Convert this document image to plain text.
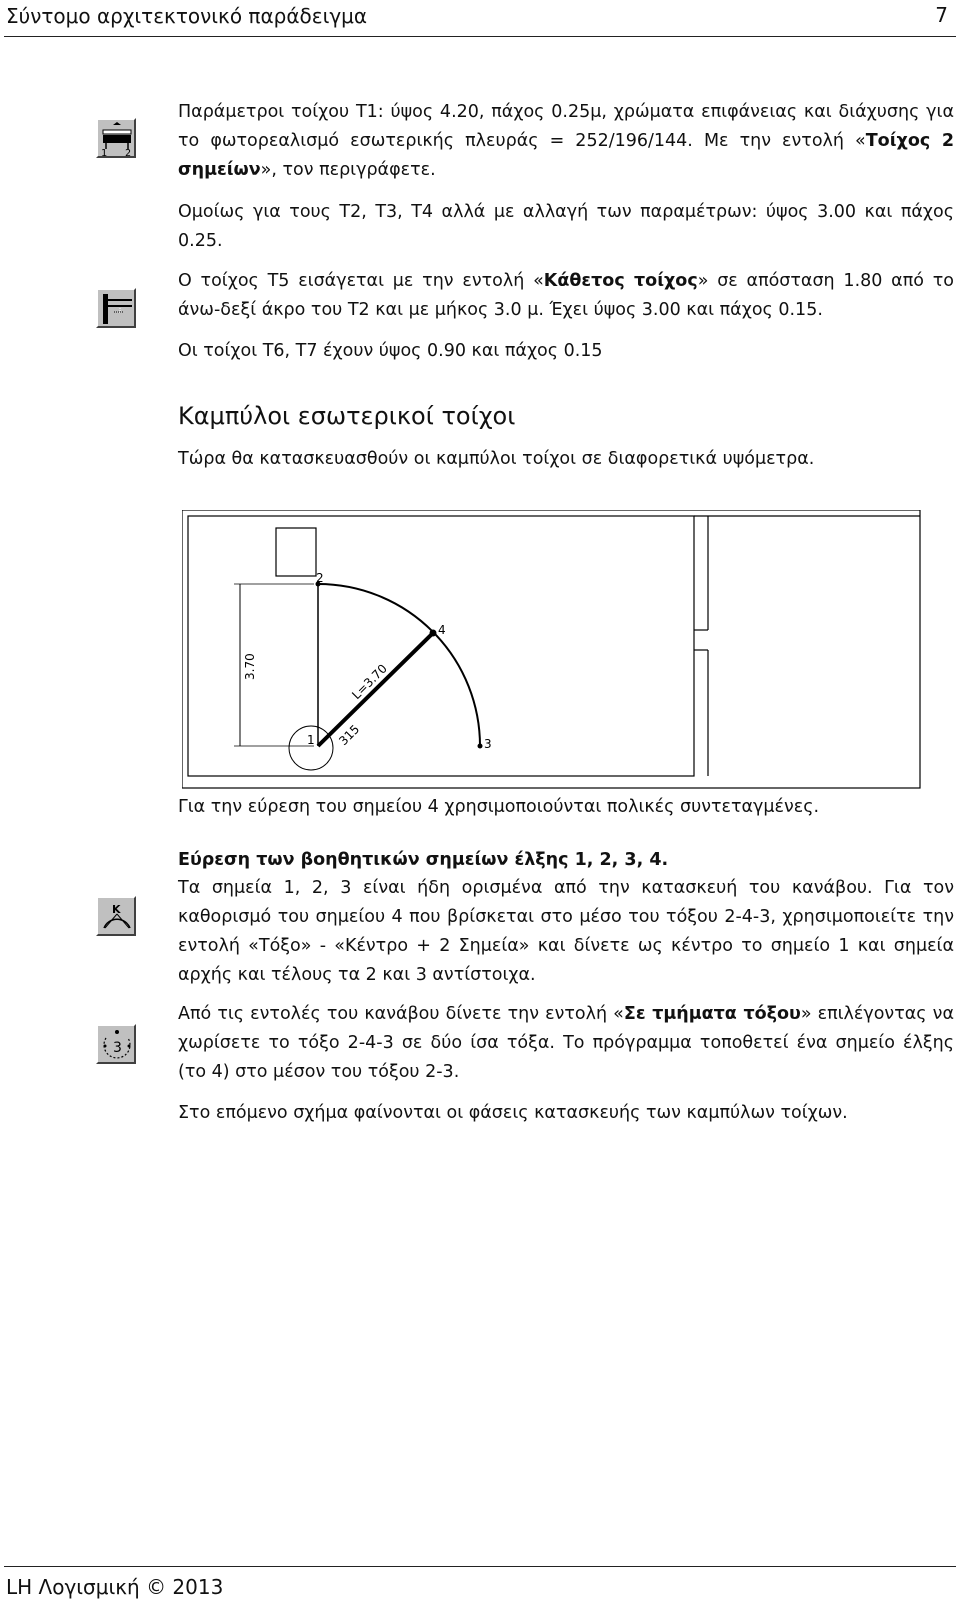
Σύντομο αρχιτεκτονικό παράδειγμα	7
1 2
K
3

Παράμετροι τοίχου Τ1: ύψος 4.20, πάχος 0.25μ, χρώματα επιφάνειας και διάχυσης για το φωτορεαλισμό εσωτερικής πλευράς = 252/196/144. Με την εντολή «Τοίχος 2 σημείων», τον περιγράφετε.

Ομοίως για τους Τ2, Τ3, Τ4 αλλά με αλλαγή των παραμέτρων: ύψος 3.00 και πάχος 0.25.

Ο τοίχος Τ5 εισάγεται με την εντολή «Κάθετος τοίχος» σε απόσταση 1.80 από το άνω-δεξί άκρο του Τ2 και με μήκος 3.0 μ. Έχει ύψος 3.00 και πάχος 0.15.

Οι τοίχοι Τ6, Τ7 έχουν ύψος 0.90 και πάχος 0.15

Καμπύλοι εσωτερικοί τοίχοι

Τώρα θα κατασκευασθούν οι καμπύλοι τοίχοι σε διαφορετικά υψόμετρα.

3.70	L=3.70
315
1
2
3
4

Για την εύρεση του σημείου 4 χρησιμοποιούνται πολικές συντεταγμένες.

Εύρεση των βοηθητικών σημείων έλξης 1, 2, 3, 4.

Τα σημεία 1, 2, 3 είναι ήδη ορισμένα από την κατασκευή του κανάβου. Για τον καθορισμό του σημείου 4 που βρίσκεται στο μέσο του τόξου 2-4-3, χρησιμοποιείτε την εντολή «Τόξο» - «Κέντρο + 2 Σημεία» και δίνετε ως κέντρο το σημείο 1 και σημεία αρχής και τέλους τα 2 και 3 αντίστοιχα.

Από τις εντολές του κανάβου δίνετε την εντολή «Σε τμήματα τόξου» επιλέγοντας να χωρίσετε το τόξο 2-4-3 σε δύο ίσα τόξα. Το πρόγραμμα τοποθετεί ένα σημείο έλξης (το 4) στο μέσον του τόξου 2-3.

Στο επόμενο σχήμα φαίνονται οι φάσεις κατασκευής των καμπύλων τοίχων.

LH Λογισμική © 2013
